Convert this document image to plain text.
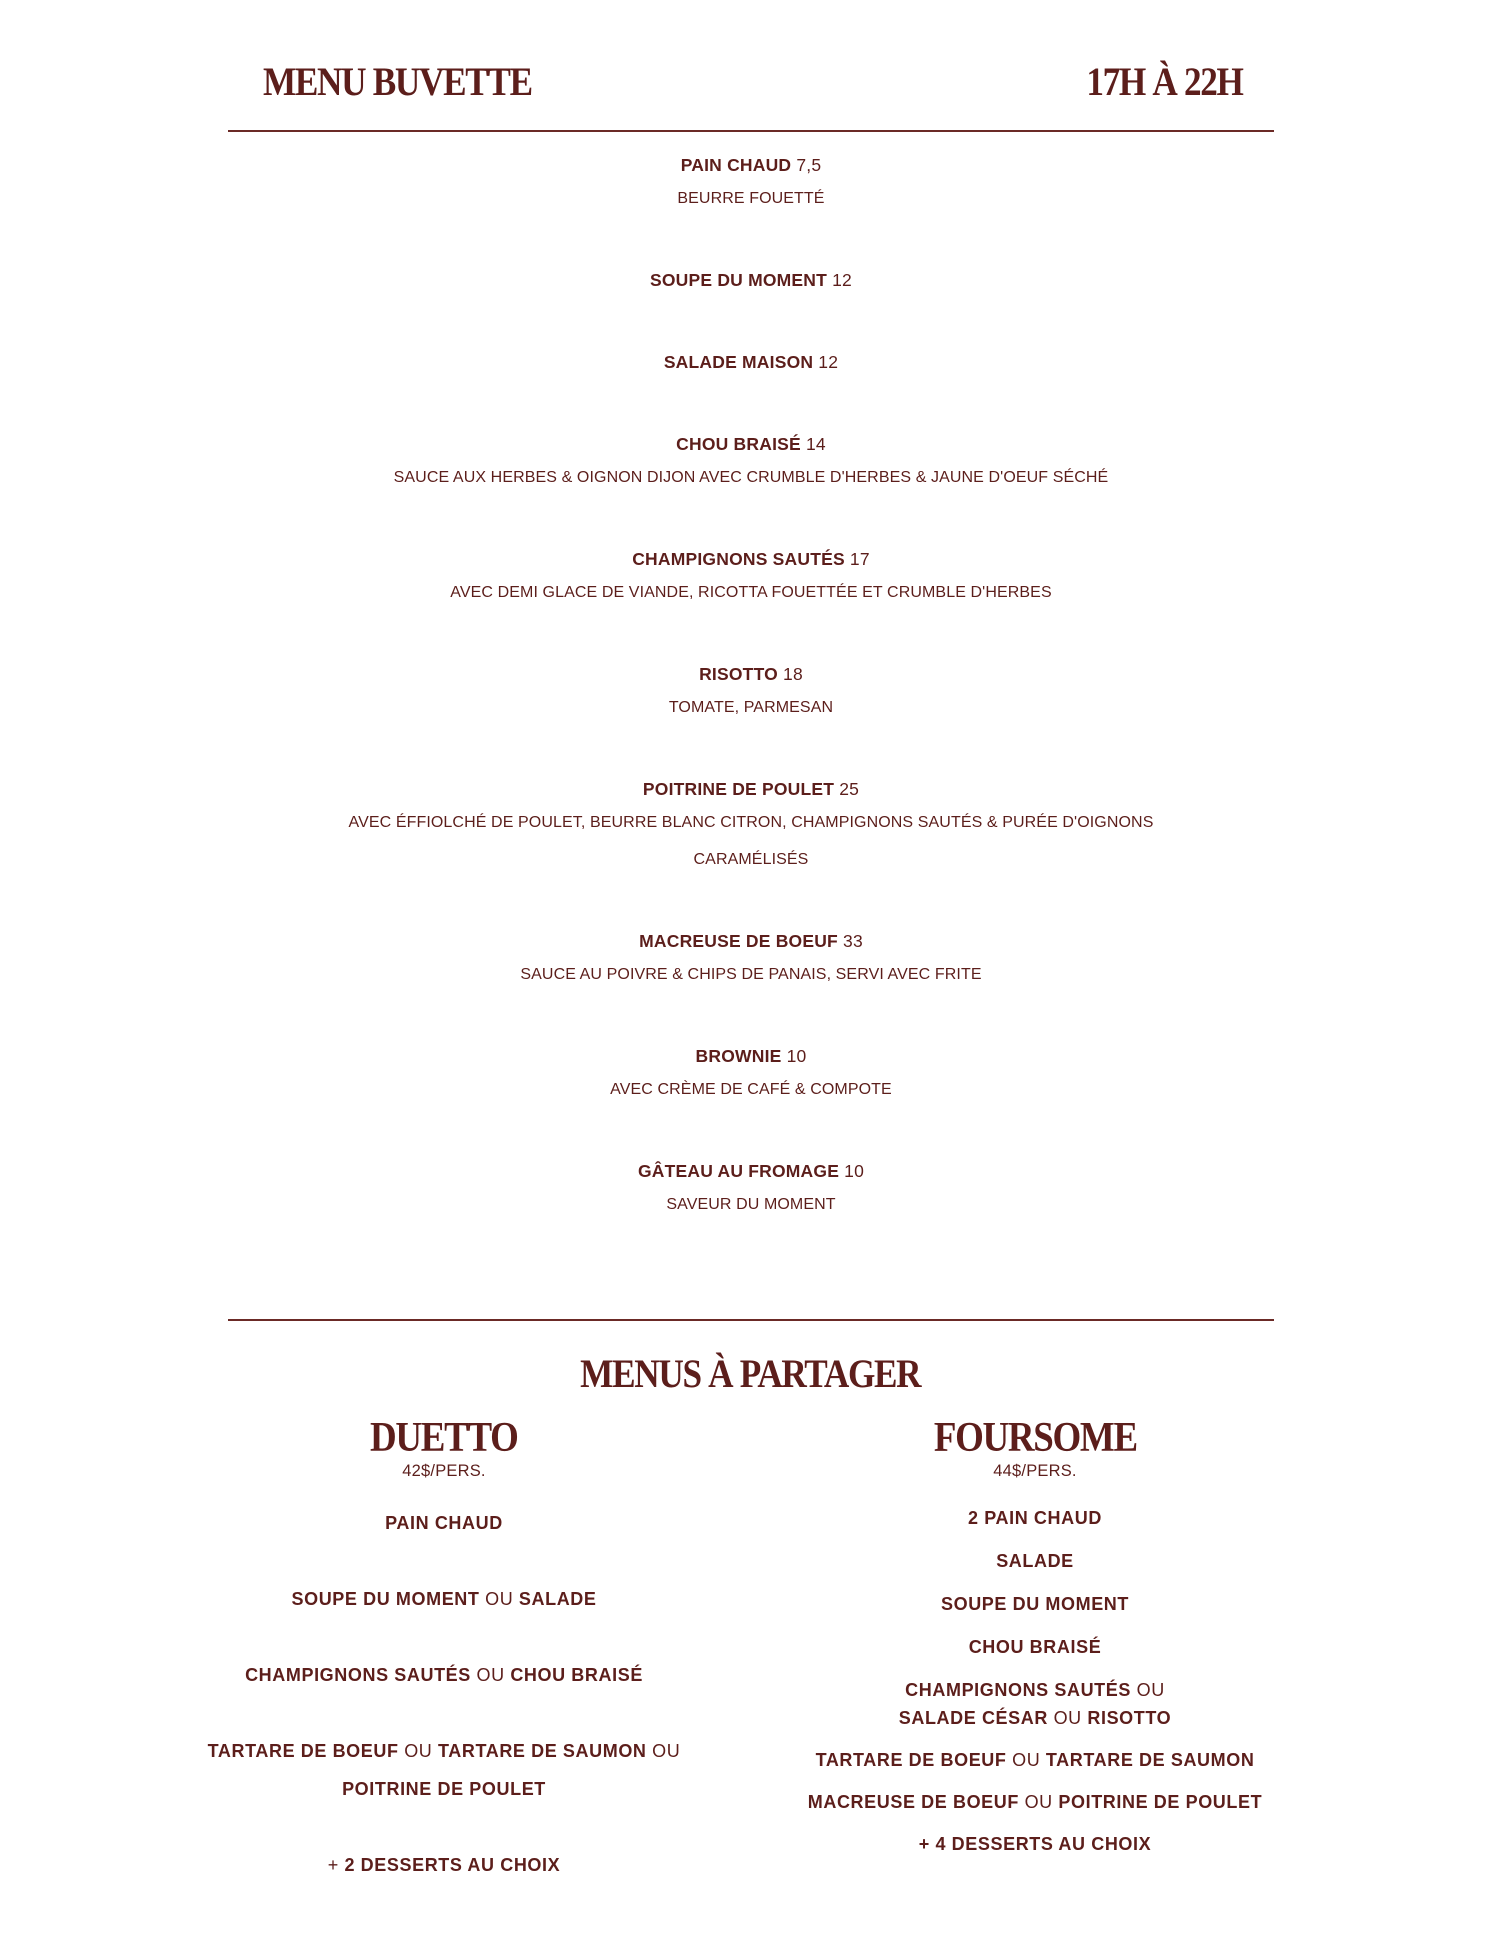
MENU BUVETTE	17H À 22H
PAIN CHAUD 7,5
BEURRE FOUETTÉ
SOUPE DU MOMENT 12
SALADE MAISON 12
CHOU BRAISÉ 14
SAUCE AUX HERBES & OIGNON DIJON AVEC CRUMBLE D'HERBES & JAUNE D'OEUF SÉCHÉ
CHAMPIGNONS SAUTÉS 17
AVEC DEMI GLACE DE VIANDE, RICOTTA FOUETTÉE ET CRUMBLE D'HERBES
RISOTTO 18
TOMATE, PARMESAN
POITRINE DE POULET 25
AVEC ÉFFIOLCHÉ DE POULET, BEURRE BLANC CITRON, CHAMPIGNONS SAUTÉS & PURÉE D'OIGNONS
CARAMÉLISÉS
MACREUSE DE BOEUF 33
SAUCE AU POIVRE & CHIPS DE PANAIS, SERVI AVEC FRITE
BROWNIE 10
AVEC CRÈME DE CAFÉ & COMPOTE
GÂTEAU AU FROMAGE 10
SAVEUR DU MOMENT
MENUS À PARTAGER
DUETTO
42$/PERS.
PAIN CHAUD
SOUPE DU MOMENT OU SALADE
CHAMPIGNONS SAUTÉS OU CHOU BRAISÉ
TARTARE DE BOEUF OU TARTARE DE SAUMON OU
POITRINE DE POULET
+ 2 DESSERTS AU CHOIX
FOURSOME
44$/PERS.
2 PAIN CHAUD
SALADE
SOUPE DU MOMENT
CHOU BRAISÉ
CHAMPIGNONS SAUTÉS OU
SALADE CÉSAR OU RISOTTO
TARTARE DE BOEUF OU TARTARE DE SAUMON
MACREUSE DE BOEUF OU POITRINE DE POULET
+ 4 DESSERTS AU CHOIX
